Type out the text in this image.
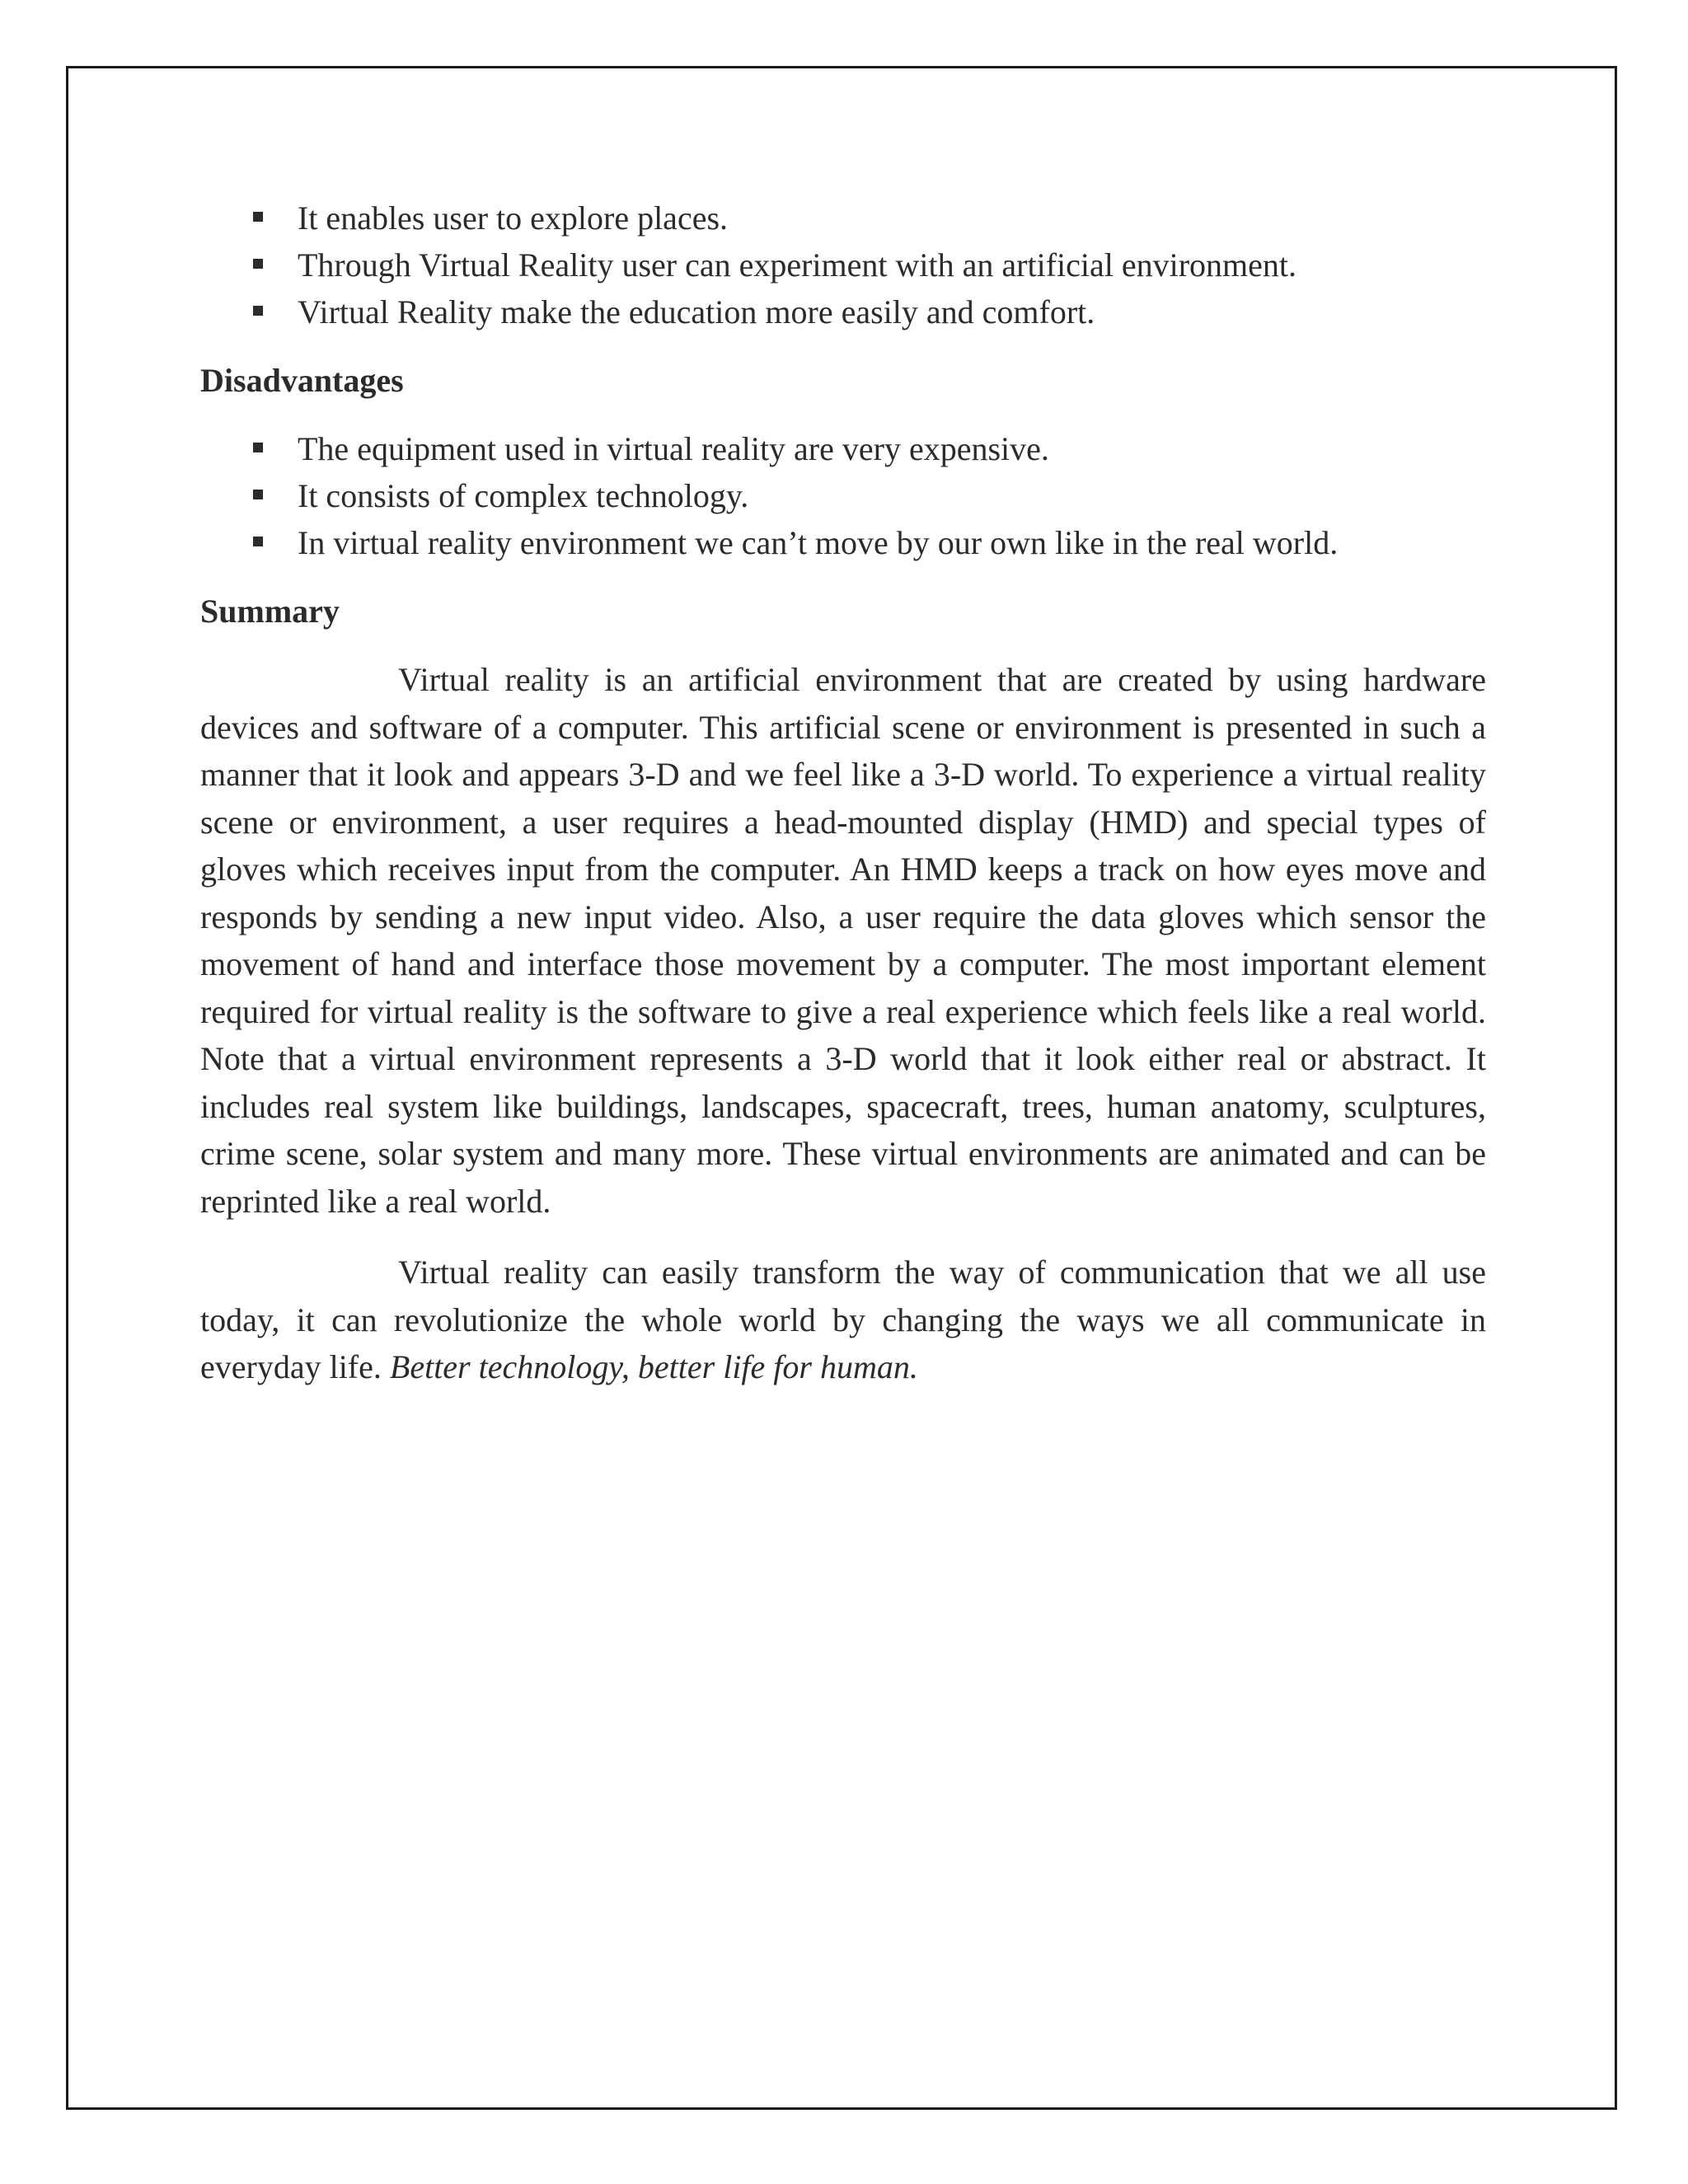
It enables user to explore places.
Through Virtual Reality user can experiment with an artificial environment.
Virtual Reality make the education more easily and comfort.
Disadvantages
The equipment used in virtual reality are very expensive.
It consists of complex technology.
In virtual reality environment we can’t move by our own like in the real world.
Summary

Virtual reality is an artificial environment that are created by using hardware devices and software of a computer. This artificial scene or environment is presented in such a manner that it look and appears 3-D and we feel like a 3-D world. To experience a virtual reality scene or environment, a user requires a head-mounted display (HMD) and special types of gloves which receives input from the computer. An HMD keeps a track on how eyes move and responds by sending a new input video. Also, a user require the data gloves which sensor the movement of hand and interface those movement by a computer. The most important element required for virtual reality is the software to give a real experience which feels like a real world. Note that a virtual environment represents a 3-D world that it look either real or abstract. It includes real system like buildings, landscapes, spacecraft, trees, human anatomy, sculptures, crime scene, solar system and many more. These virtual environments are animated and can be reprinted like a real world.

Virtual reality can easily transform the way of communication that we all use today, it can revolutionize the whole world by changing the ways we all communicate in everyday life. Better technology, better life for human.
